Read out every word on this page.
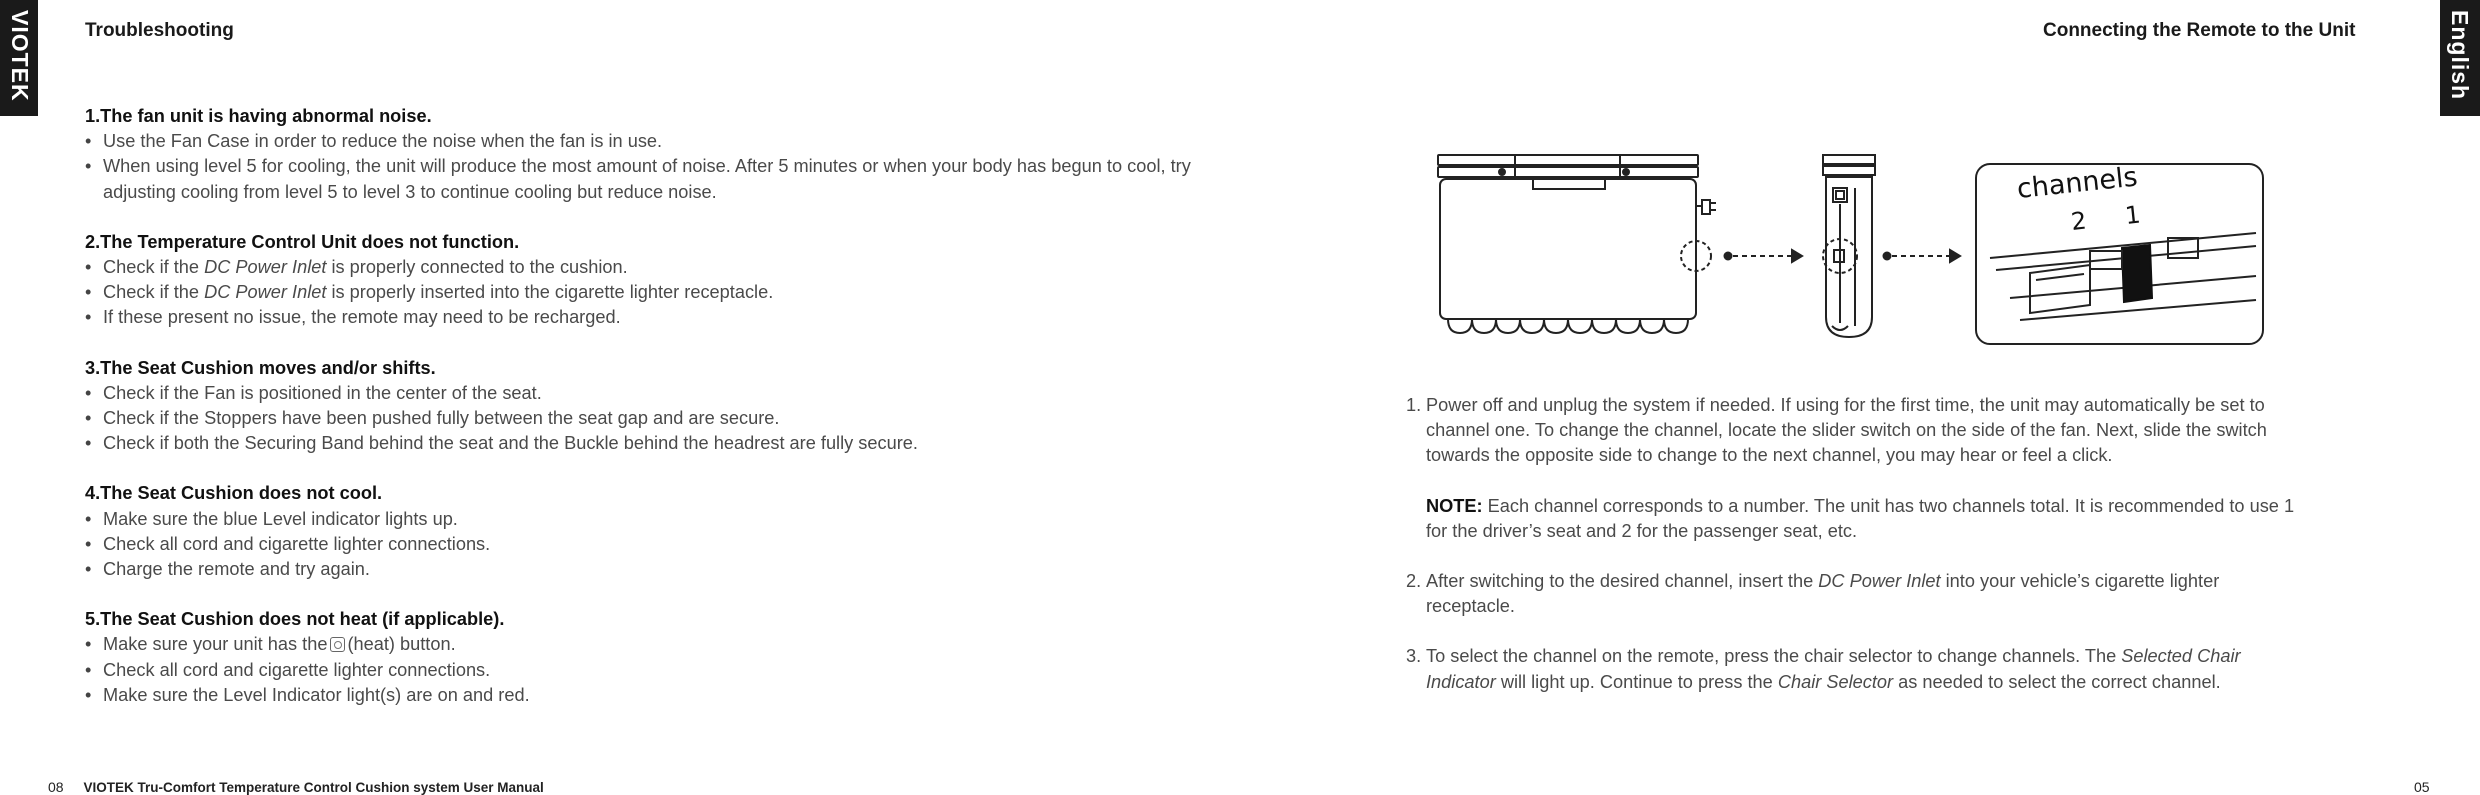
VIOTEK	English
Troubleshooting	Connecting the Remote to the Unit
1.The fan unit is having abnormal noise.
• Use the Fan Case in order to reduce the noise when the fan is in use.
• When using level 5 for cooling, the unit will produce the most amount of noise. After 5 minutes or when your body has begun to cool, try adjusting cooling from level 5 to level 3 to continue cooling but reduce noise.
2.The Temperature Control Unit does not function.
• Check if the DC Power Inlet is properly connected to the cushion.
• Check if the DC Power Inlet is properly inserted into the cigarette lighter receptacle.
• If these present no issue, the remote may need to be recharged.
3.The Seat Cushion moves and/or shifts.
• Check if the Fan is positioned in the center of the seat.
• Check if the Stoppers have been pushed fully between the seat gap and are secure.
• Check if both the Securing Band behind the seat and the Buckle behind the headrest are fully secure.
4.The Seat Cushion does not cool.
• Make sure the blue Level indicator lights up.
• Check all cord and cigarette lighter connections.
• Charge the remote and try again.
5.The Seat Cushion does not heat (if applicable).
• Make sure your unit has the (heat) button.
• Check all cord and cigarette lighter connections.
• Make sure the Level Indicator light(s) are on and red.
channels
2 1
1. Power off and unplug the system if needed. If using for the first time, the unit may automatically be set to channel one. To change the channel, locate the slider switch on the side of the fan. Next, slide the switch towards the opposite side to change to the next channel, you may hear or feel a click.
NOTE: Each channel corresponds to a number. The unit has two channels total. It is recommended to use 1 for the driver’s seat and 2 for the passenger seat, etc.
2. After switching to the desired channel, insert the DC Power Inlet into your vehicle’s cigarette lighter receptacle.
3. To select the channel on the remote, press the chair selector to change channels. The Selected Chair Indicator will light up. Continue to press the Chair Selector as needed to select the correct channel.
08 VIOTEK Tru-Comfort Temperature Control Cushion system User Manual	05
